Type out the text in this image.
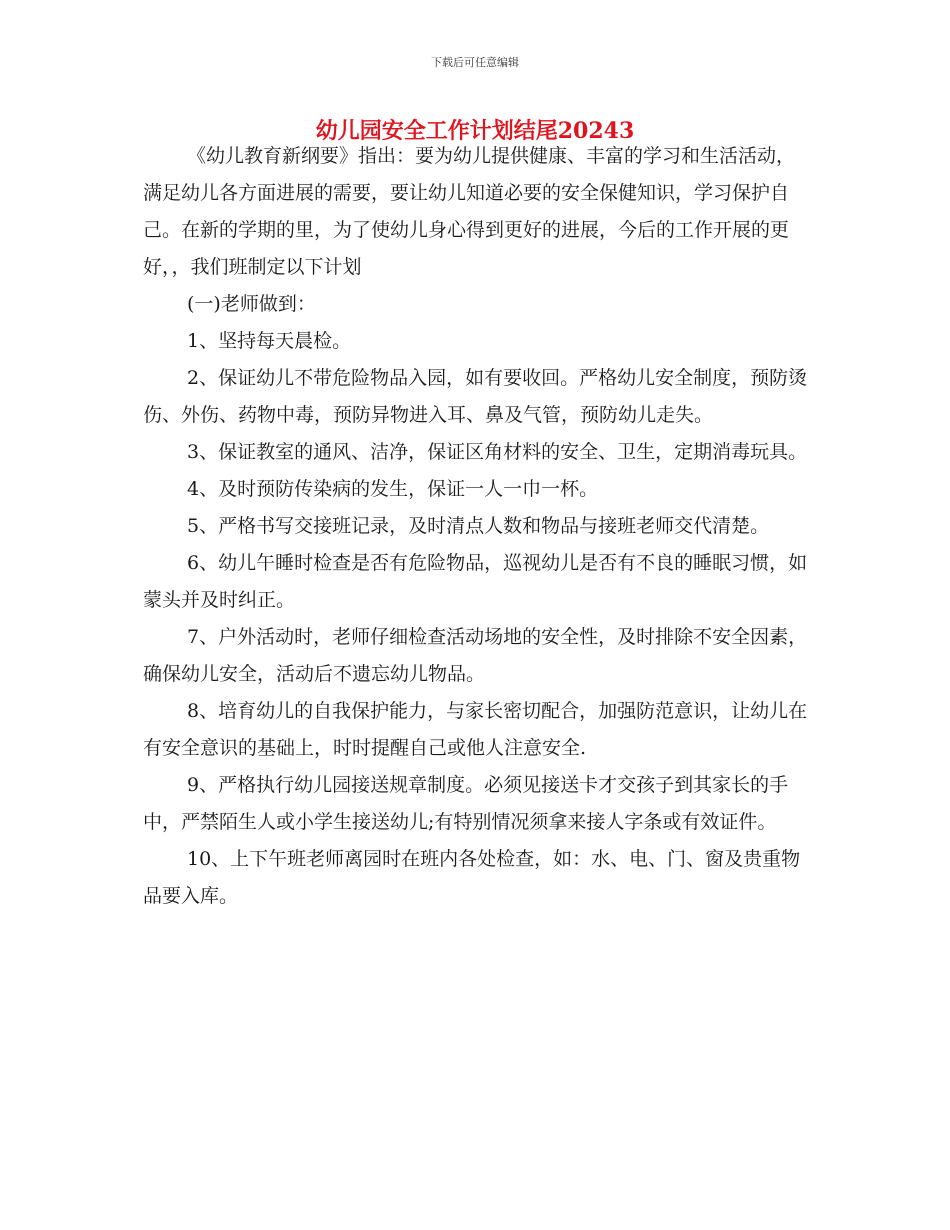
下载后可任意编辑
幼儿园安全工作计划结尾20243

《幼儿教育新纲要》指出：要为幼儿提供健康、丰富的学习和生活活动，满足幼儿各方面进展的需要，要让幼儿知道必要的安全保健知识，学习保护自己。在新的学期的里，为了使幼儿身心得到更好的进展，今后的工作开展的更好，，我们班制定以下计划

(一)老师做到：

1、坚持每天晨检。

2、保证幼儿不带危险物品入园，如有要收回。严格幼儿安全制度，预防烫伤、外伤、药物中毒，预防异物进入耳、鼻及气管，预防幼儿走失。

3、保证教室的通风、洁净，保证区角材料的安全、卫生，定期消毒玩具。

4、及时预防传染病的发生，保证一人一巾一杯。

5、严格书写交接班记录，及时清点人数和物品与接班老师交代清楚。

6、幼儿午睡时检查是否有危险物品，巡视幼儿是否有不良的睡眠习惯，如蒙头并及时纠正。

7、户外活动时，老师仔细检查活动场地的安全性，及时排除不安全因素，确保幼儿安全，活动后不遗忘幼儿物品。

8、培育幼儿的自我保护能力，与家长密切配合，加强防范意识，让幼儿在有安全意识的基础上，时时提醒自己或他人注意安全.

9、严格执行幼儿园接送规章制度。必须见接送卡才交孩子到其家长的手中，严禁陌生人或小学生接送幼儿;有特别情况须拿来接人字条或有效证件。

10、上下午班老师离园时在班内各处检查，如：水、电、门、窗及贵重物品要入库。
